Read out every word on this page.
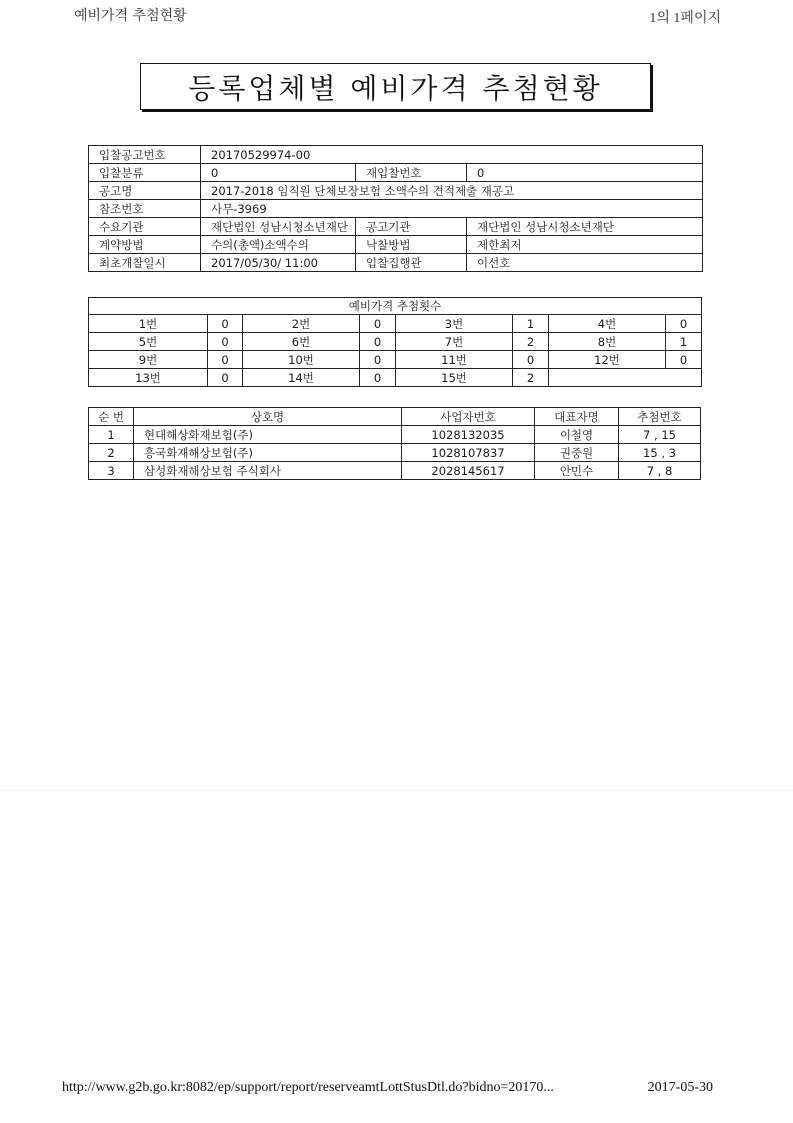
예비가격 추첨현황	1의 1페이지
등록업체별 예비가격 추첨현황
입찰공고번호	20170529974-00		
입찰분류	0	재입찰번호	0
공고명	2017-2018 임직원 단체보장보험 소액수의 견적제출 재공고		
참조번호	사무-3969		
수요기관	재단법인 성남시청소년재단	공고기관	재단법인 성남시청소년재단
계약방법	수의(총액)소액수의	낙찰방법	제한최저
최초개찰일시	2017/05/30/ 11:00	입찰집행관	이선호
예비가격 추첨횟수							
1번	0	2번	0	3번	1	4번	0
5번	0	6번	0	7번	2	8번	1
9번	0	10번	0	11번	0	12번	0
13번	0	14번	0	15번	2		
순 번	상호명	사업자번호	대표자명	추첨번호
1	현대해상화재보험(주)	1028132035	이철영	7 , 15
2	흥국화재해상보험(주)	1028107837	권중원	15 , 3
3	삼성화재해상보험 주식회사	2028145617	안민수	7 , 8
http://www.g2b.go.kr:8082/ep/support/report/reserveamtLottStusDtl.do?bidno=20170...	2017-05-30
